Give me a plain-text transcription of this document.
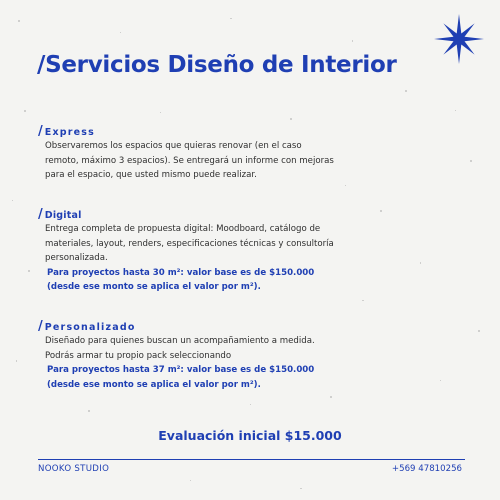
/Servicios Diseño de Interior
/ Express

Observaremos los espacios que quieras renovar (en el caso remoto, máximo 3 espacios). Se entregará un informe con mejoras para el espacio, que usted mismo puede realizar.

/ Digital

Entrega completa de propuesta digital: Moodboard, catálogo de materiales, layout, renders, especificaciones técnicas y consultoría personalizada.

Para proyectos hasta 30 m²: valor base es de $150.000

(desde ese monto se aplica el valor por m²).

/ Personalizado

Diseñado para quienes buscan un acompañamiento a medida. Podrás armar tu propio pack seleccionando

Para proyectos hasta 37 m²: valor base es de $150.000

(desde ese monto se aplica el valor por m²).

Evaluación inicial $15.000
NOOKO STUDIO	+569 47810256
